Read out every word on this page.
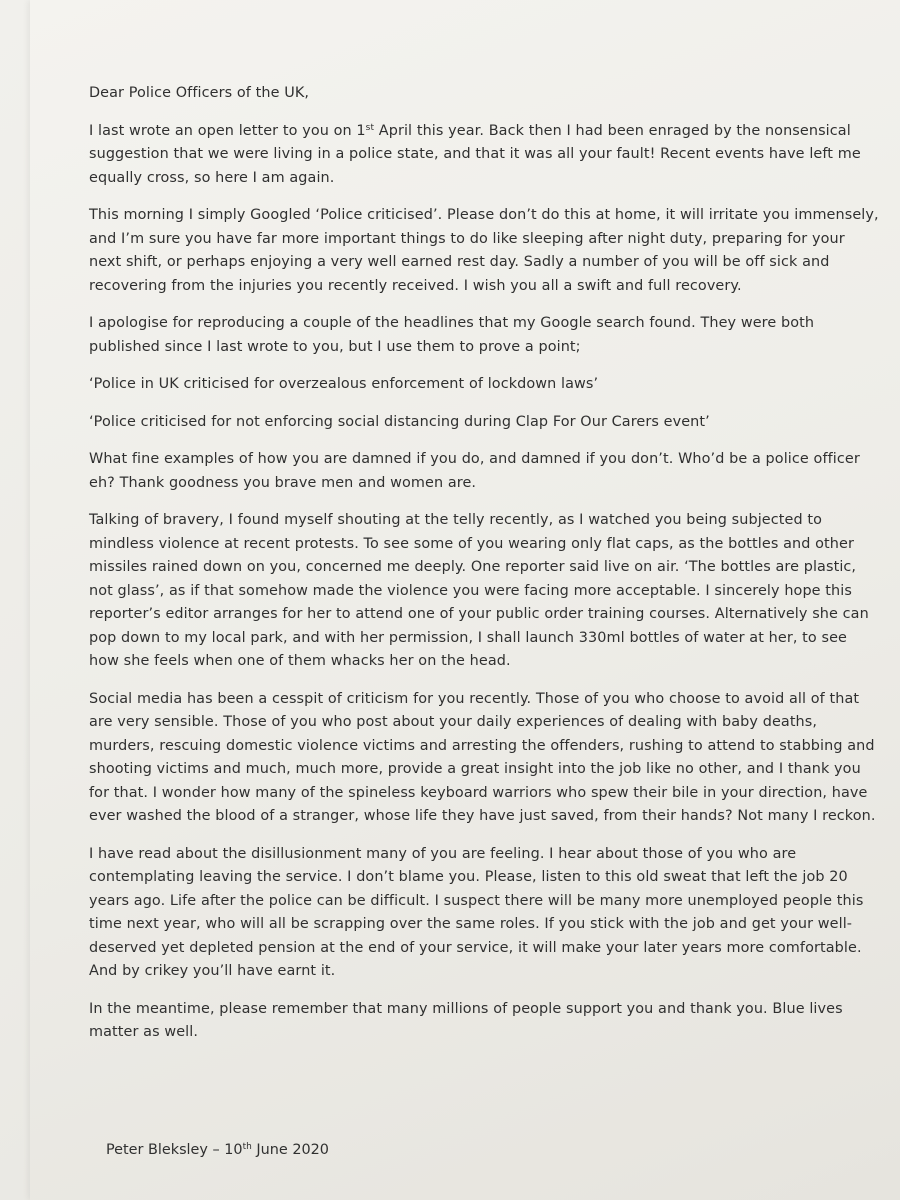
Dear Police Officers of the UK,

I last wrote an open letter to you on 1st April this year. Back then I had been enraged by the nonsensical suggestion that we were living in a police state, and that it was all your fault! Recent events have left me equally cross, so here I am again.

This morning I simply Googled ‘Police criticised’. Please don’t do this at home, it will irritate you immensely, and I’m sure you have far more important things to do like sleeping after night duty, preparing for your next shift, or perhaps enjoying a very well earned rest day. Sadly a number of you will be off sick and recovering from the injuries you recently received. I wish you all a swift and full recovery.

I apologise for reproducing a couple of the headlines that my Google search found. They were both published since I last wrote to you, but I use them to prove a point;

‘Police in UK criticised for overzealous enforcement of lockdown laws’

‘Police criticised for not enforcing social distancing during Clap For Our Carers event’

What fine examples of how you are damned if you do, and damned if you don’t. Who’d be a police officer eh? Thank goodness you brave men and women are.

Talking of bravery, I found myself shouting at the telly recently, as I watched you being subjected to mindless violence at recent protests. To see some of you wearing only flat caps, as the bottles and other missiles rained down on you, concerned me deeply. One reporter said live on air. ‘The bottles are plastic, not glass’, as if that somehow made the violence you were facing more acceptable. I sincerely hope this reporter’s editor arranges for her to attend one of your public order training courses. Alternatively she can pop down to my local park, and with her permission, I shall launch 330ml bottles of water at her, to see how she feels when one of them whacks her on the head.

Social media has been a cesspit of criticism for you recently. Those of you who choose to avoid all of that are very sensible. Those of you who post about your daily experiences of dealing with baby deaths, murders, rescuing domestic violence victims and arresting the offenders, rushing to attend to stabbing and shooting victims and much, much more, provide a great insight into the job like no other, and I thank you for that. I wonder how many of the spineless keyboard warriors who spew their bile in your direction, have ever washed the blood of a stranger, whose life they have just saved, from their hands? Not many I reckon.

I have read about the disillusionment many of you are feeling. I hear about those of you who are contemplating leaving the service. I don’t blame you. Please, listen to this old sweat that left the job 20 years ago. Life after the police can be difficult. I suspect there will be many more unemployed people this time next year, who will all be scrapping over the same roles. If you stick with the job and get your well-deserved yet depleted pension at the end of your service, it will make your later years more comfortable. And by crikey you’ll have earnt it.

In the meantime, please remember that many millions of people support you and thank you. Blue lives matter as well.

Peter Bleksley – 10th June 2020
